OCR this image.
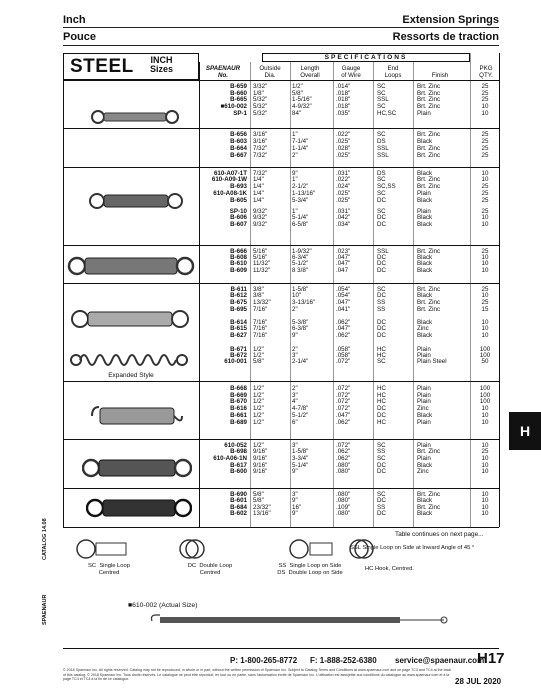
Inch
Pouce
Extension Springs
Ressorts de traction
STEEL INCH
Sizes
SPECIFICATIONS
SPAENAUR
No.
Outside
Dia.
Length
Overall
Gauge
of Wire
End
Loops	Finish
PKG
QTY.
Expanded Style
B-659 3/32"	1/2"	.014"	SC	Brt. Zinc	25
B-660 1/8"	5/8"	.018"	SC	Brt. Zinc	25
B-665 5/32"	1-5/16"	.018"	SSL	Brt. Zinc	25
■610-002 5/32"	4-9/32"	.018"	SC	Brt. Zinc	10
SP-1 5/32"	84"	.035"	HC,SC	Plain	10
B-656 3/16"	1"	.022"	SC	Brt. Zinc	25
B-603 3/16"	7-1/4"	.025"	DS	Black	25
B-664 7/32"	1-1/4"	.028"	SSL	Brt. Zinc	25
B-667 7/32"	2"	.025"	SSL	Brt. Zinc	25
610-A07-1T 7/32"	9"	.031"	DS	Black	10
610-A09-1W 1/4"	1"	.022"	SC	Brt. Zinc	10
B-693 1/4"	2-1/2"	.024"	SC,SS	Brt. Zinc	25
610-A08-1K 1/4"	1-13/16"	.025"	SC	Plain	25
B-605 1/4"	5-3/4"	.025"	DC	Black	25
SP-10 9/32"	1"	.031"	SC	Plain	25
B-606 9/32"	5-1/4"	.042"	DC	Black	10
B-607 9/32"	6-5/8"	.034"	DC	Black	10
B-666 5/16"	1-9/32"	.023"	SSL	Brt. Zinc	25
B-608 5/16"	6-3/4"	.047"	DC	Black	10
B-610 11/32"	5-1/2"	.047"	DC	Black	10
B-609 11/32"	8 3/8"	.047	DC	Black	10
B-611 3/8"	1-5/8"	.054"	SC	Brt. Zinc	25
B-612 3/8"	10"	.054"	DC	Black	10
B-675 13/32"	3-13/16"	.047"	SS	Brt. Zinc	25
B-695 7/16"	2"	.041"	SS	Brt. Zinc	15
B-614 7/16"	5-3/8"	.062"	DC	Black	10
B-615 7/16"	6-3/8"	.047"	DC	Zinc	10
B-627 7/16"	9"	.062"	DC	Black	10
B-671 1/2"	2"	.058"	HC	Plain	100
B-672 1/2"	3"	.058"	HC	Plain	100
610-001 5/8"	2-1/4"	.072"	SC	Plain Steel	50
B-668 1/2"	2"	.072"	HC	Plain	100
B-669 1/2"	3"	.072"	HC	Plain	100
B-670 1/2"	4"	.072"	HC	Plain	100
B-616 1/2"	4-7/8"	.072"	DC	Zinc	10
B-661 1/2"	5-1/2"	.047"	DC	Black	10
B-689 1/2"	6"	.062"	HC	Plain	10
610-052 1/2"	3"	.072"	SC	Plain	10
B-698 9/16"	1-5/8"	.062"	SS	Brt. Zinc	25
610-A06-1N 9/16"	3-3/4"	.062"	SC	Plain	10
B-617 9/16"	5-1/4"	.080"	DC	Black	10
B-600 9/16"	9"	.080"	DC	Zinc	10
B-690 5/8"	3"	.080"	SC	Brt. Zinc	10
B-601 5/8"	9"	.080"	DC	Black	10
B-684 23/32"	16"	.109"	SS	Brt. Zinc	10
B-602 13/16"	9"	.080"	DC	Black	10
Table continues on next page...
SC  Single Loop
Centred
DC  Double Loop
Centred
SS  Single Loop on Side
DS  Double Loop on Side
SSL Single Loop on Side at Inward Angle of 45 °
HC Hook, Centred.
■610-002 (Actual Size)
H
CATALOG 14.08
SPAENAUR
P: 1-800-265-8772 F: 1-888-252-6380 service@spaenaur.com
H17
© 2018 Spaenaur Inc. All rights reserved. Catalog may not be reproduced, in whole or in part, without the written permission of Spaenaur Inc. Subject to Catalog Terms and Conditions at www.spaenaur.com and on page TC3 and TC4 at the back of this catalog. © 2018 Spaenaur Inc. Tous droits réservés. Le catalogue ne peut être reproduit, en tout ou en partie, sans l'autorisation écrite de Spaenaur Inc. L'utilisation est assujettie aux conditions du catalogue au www.spaenaur.com et à la page TC4 et TC4 à la fin de ce catalogue.	28 JUL 2020
